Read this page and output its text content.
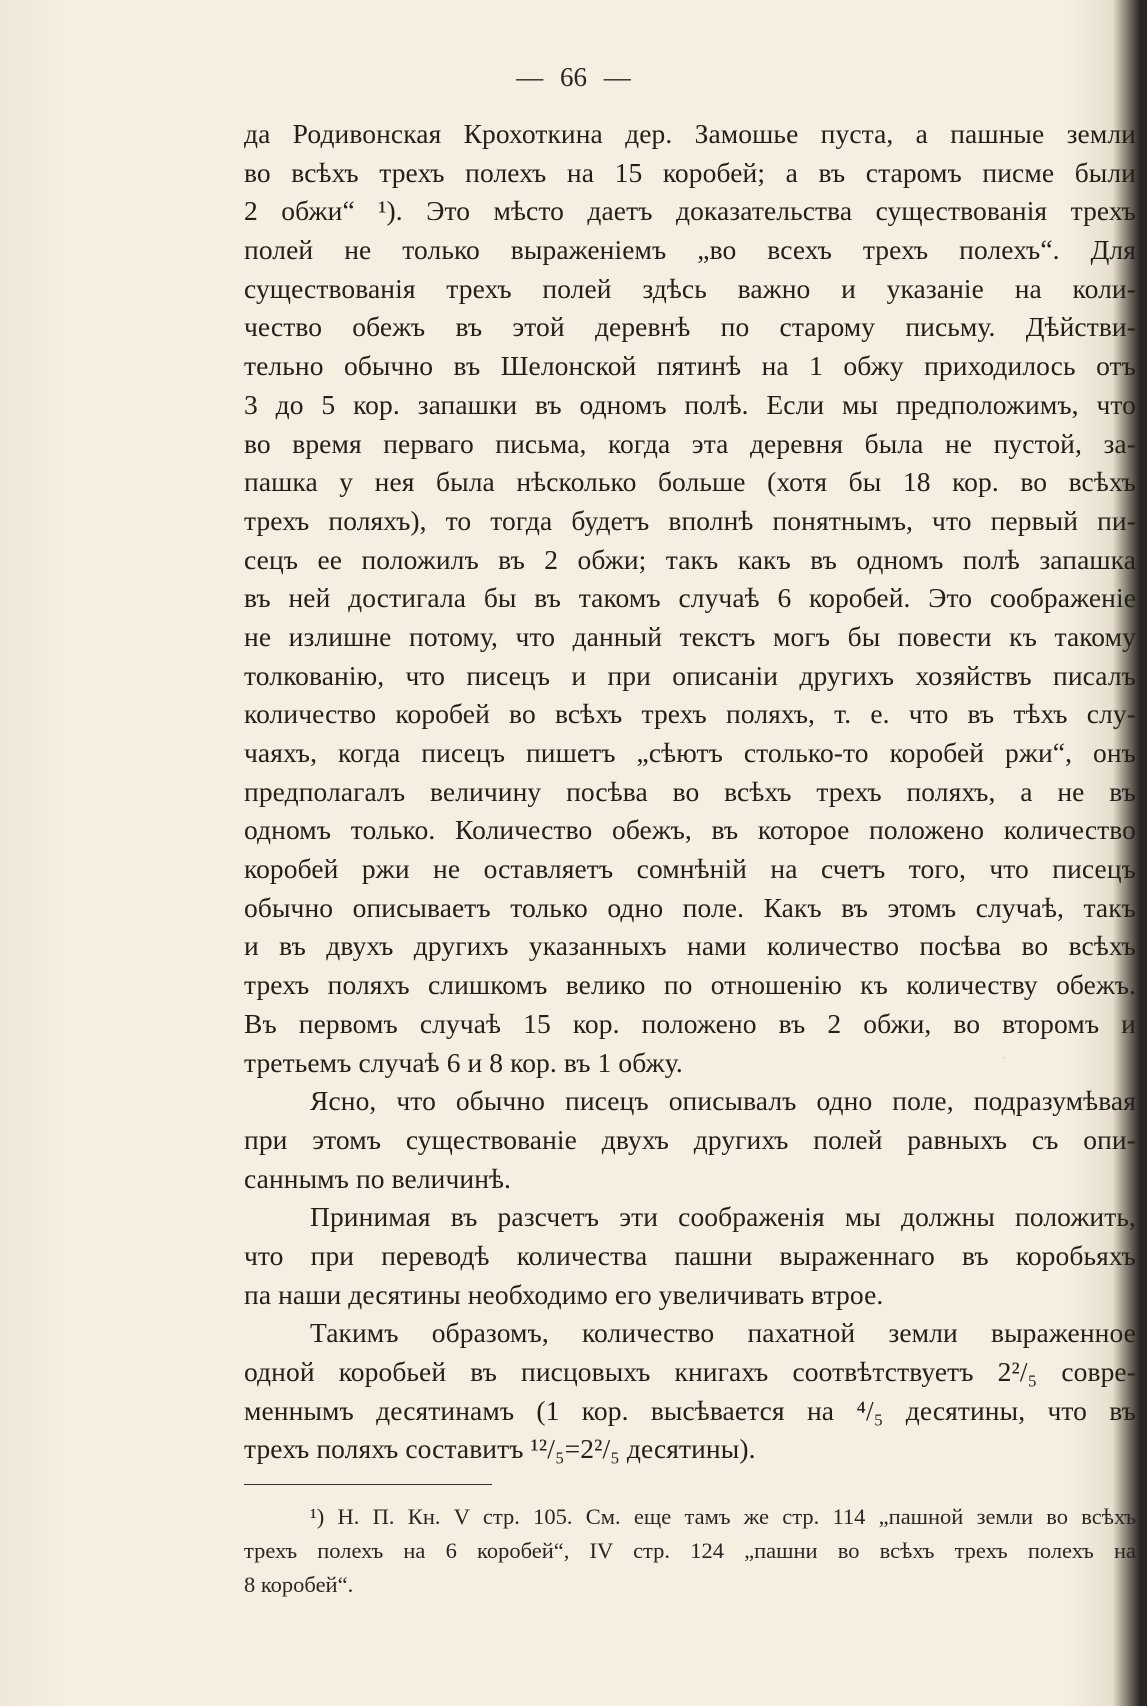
·
— 66 —
да Родивонская Крохоткина дер. Замошье пуста, а пашные земли
во всѣхъ трехъ полехъ на 15 коробей; а въ старомъ писме были
2 обжи“ ¹). Это мѣсто даетъ доказательства существованія трехъ
полей не только выраженіемъ „во всехъ трехъ полехъ“. Для
существованія трехъ полей здѣсь важно и указаніе на коли-
чество обежъ въ этой деревнѣ по старому письму. Дѣйстви-
тельно обычно въ Шелонской пятинѣ на 1 обжу приходилось отъ
3 до 5 кор. запашки въ одномъ полѣ. Если мы предположимъ, что
во время перваго письма, когда эта деревня была не пустой, за-
пашка у нея была нѣсколько больше (хотя бы 18 кор. во всѣхъ
трехъ поляхъ), то тогда будетъ вполнѣ понятнымъ, что первый пи-
сецъ ее положилъ въ 2 обжи; такъ какъ въ одномъ полѣ запашка
въ ней достигала бы въ такомъ случаѣ 6 коробей. Это соображеніе
не излишне потому, что данный текстъ могъ бы повести къ такому
толкованію, что писецъ и при описаніи другихъ хозяйствъ писалъ
количество коробей во всѣхъ трехъ поляхъ, т. е. что въ тѣхъ слу-
чаяхъ, когда писецъ пишетъ „сѣютъ столько-то коробей ржи“, онъ
предполагалъ величину посѣва во всѣхъ трехъ поляхъ, а не въ
одномъ только. Количество обежъ, въ которое положено количество
коробей ржи не оставляетъ сомнѣній на счетъ того, что писецъ
обычно описываетъ только одно поле. Какъ въ этомъ случаѣ, такъ
и въ двухъ другихъ указанныхъ нами количество посѣва во всѣхъ
трехъ поляхъ слишкомъ велико по отношенію къ количеству обежъ.
Въ первомъ случаѣ 15 кор. положено въ 2 обжи, во второмъ и
третьемъ случаѣ 6 и 8 кор. въ 1 обжу.
Ясно, что обычно писецъ описывалъ одно поле, подразумѣвая
при этомъ существованіе двухъ другихъ полей равныхъ съ опи-
саннымъ по величинѣ.
Принимая въ разсчетъ эти соображенія мы должны положить,
что при переводѣ количества пашни выраженнаго въ коробьяхъ
па наши десятины необходимо его увеличивать втрое.
Такимъ образомъ, количество пахатной земли выраженное
одной коробьей въ писцовыхъ книгахъ соотвѣтствуетъ 2²/₅ совре-
меннымъ десятинамъ (1 кор. высѣвается на ⁴/₅ десятины, что въ
трехъ поляхъ составитъ ¹²/₅=2²/₅ десятины).
¹) Н. П. Кн. V стр. 105. См. еще тамъ же стр. 114 „пашной земли во всѣхъ
трехъ полехъ на 6 коробей“, IV стр. 124 „пашни во всѣхъ трехъ полехъ на
8 коробей“.
